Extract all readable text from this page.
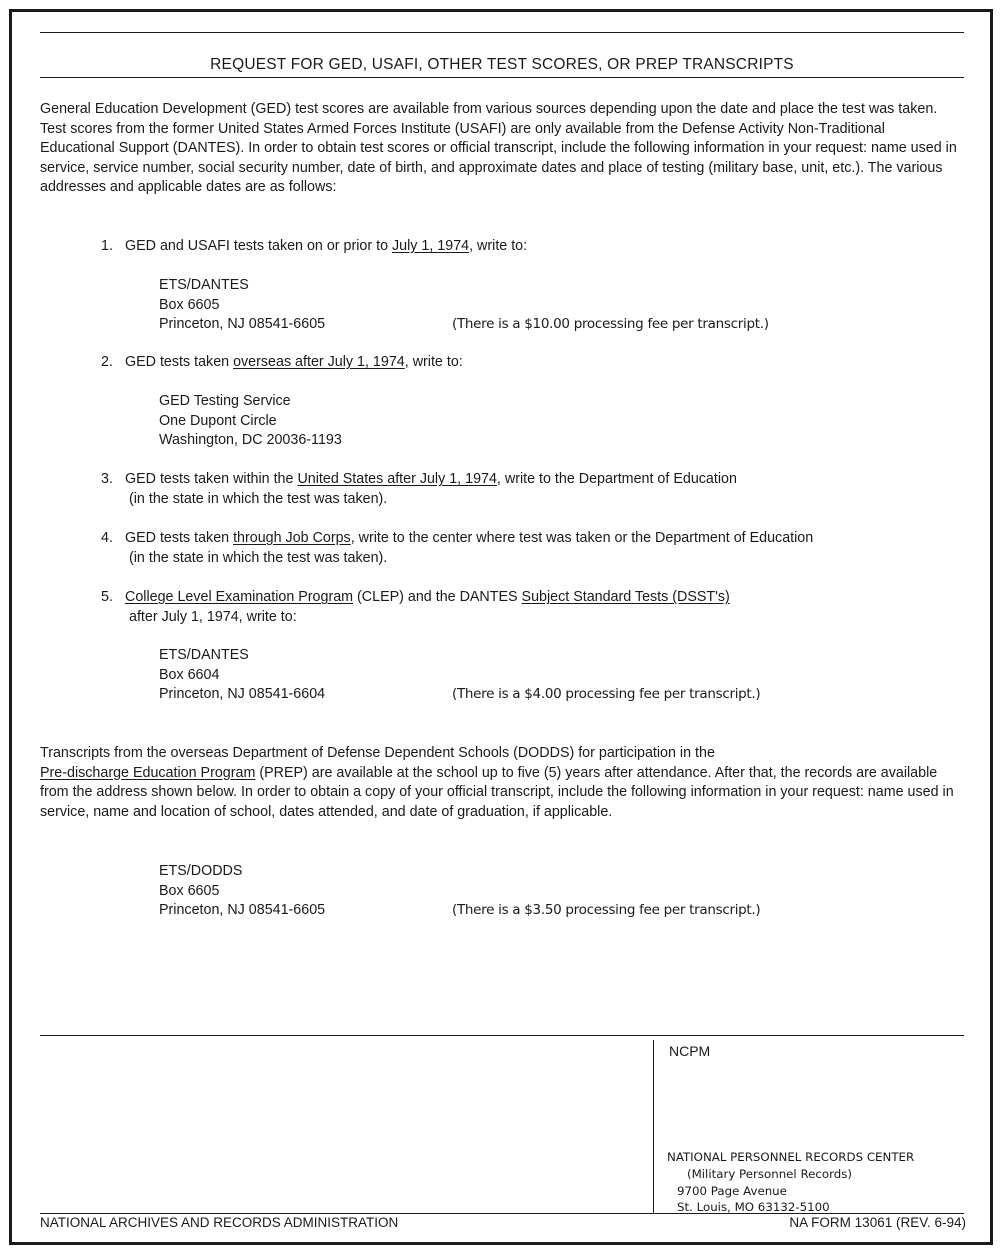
REQUEST FOR GED, USAFI, OTHER TEST SCORES, OR PREP TRANSCRIPTS
General Education Development (GED) test scores are available from various sources depending upon the date and place the test was taken. Test scores from the former United States Armed Forces Institute (USAFI) are only available from the Defense Activity Non-Traditional Educational Support (DANTES). In order to obtain test scores or official transcript, include the following information in your request: name used in service, service number, social security number, date of birth, and approximate dates and place of testing (military base, unit, etc.). The various addresses and applicable dates are as follows:
1. GED and USAFI tests taken on or prior to July 1, 1974, write to:
ETS/DANTES
Box 6605
Princeton, NJ 08541-6605	(There is a $10.00 processing fee per transcript.)
2. GED tests taken overseas after July 1, 1974, write to:
GED Testing Service
One Dupont Circle
Washington, DC 20036-1193
3. GED tests taken within the United States after July 1, 1974, write to the Department of Education
(in the state in which the test was taken).
4. GED tests taken through Job Corps, write to the center where test was taken or the Department of Education
(in the state in which the test was taken).
5. College Level Examination Program (CLEP) and the DANTES Subject Standard Tests (DSST's)
after July 1, 1974, write to:
ETS/DANTES
Box 6604
Princeton, NJ 08541-6604	(There is a $4.00 processing fee per transcript.)
Transcripts from the overseas Department of Defense Dependent Schools (DODDS) for participation in the
Pre-discharge Education Program (PREP) are available at the school up to five (5) years after attendance. After that, the records are available from the address shown below. In order to obtain a copy of your official transcript, include the following information in your request: name used in service, name and location of school, dates attended, and date of graduation, if applicable.
ETS/DODDS
Box 6605
Princeton, NJ 08541-6605	(There is a $3.50 processing fee per transcript.)
NCPM
NATIONAL PERSONNEL RECORDS CENTER
(Military Personnel Records)
9700 Page Avenue
St. Louis, MO 63132-5100
NATIONAL ARCHIVES AND RECORDS ADMINISTRATION	NA FORM 13061 (REV. 6-94)
